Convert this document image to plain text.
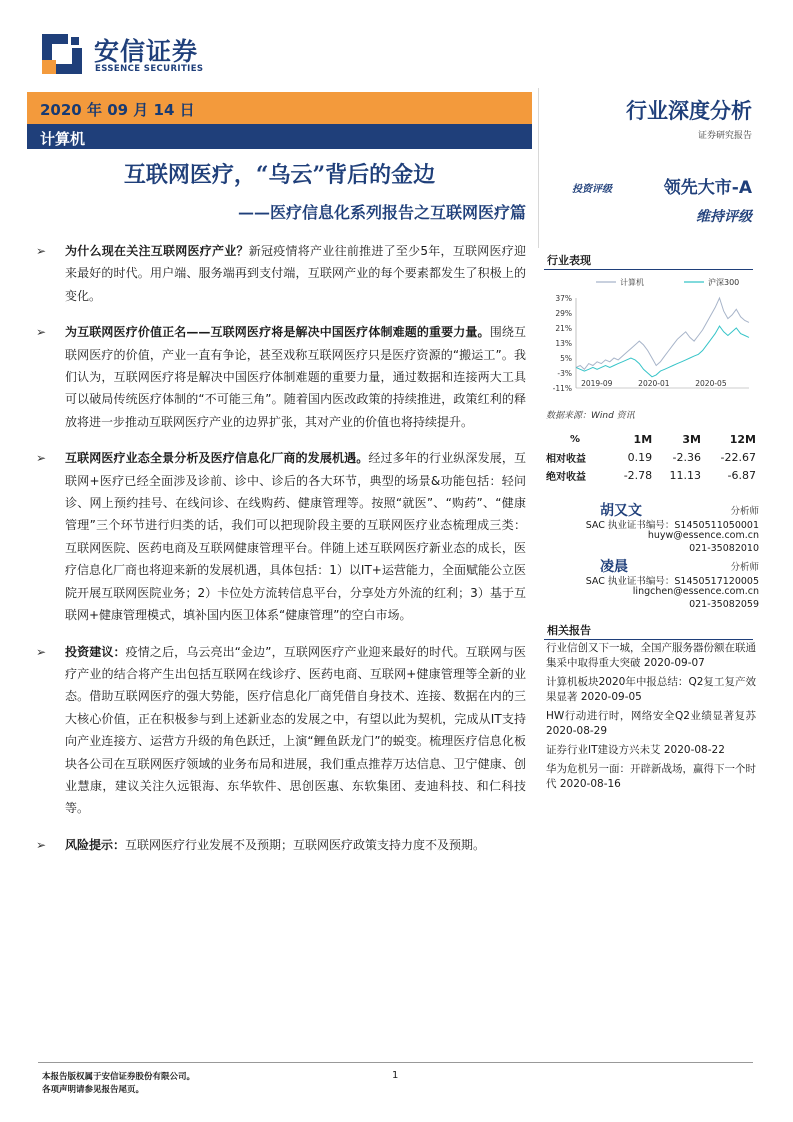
安信证券
ESSENCE SECURITIES
2020 年 09 月 14 日
计算机
行业深度分析
证券研究报告
互联网医疗，“乌云”背后的金边
——医疗信息化系列报告之互联网医疗篇
投资评级	领先大市-A
维持评级
➢ 为什么现在关注互联网医疗产业？新冠疫情将产业往前推进了至少5年，互联网医疗迎来最好的时代。用户端、服务端再到支付端，互联网产业的每个要素都发生了积极上的变化。
➢ 为互联网医疗价值正名——互联网医疗将是解决中国医疗体制难题的重要力量。围绕互联网医疗的价值，产业一直有争论，甚至戏称互联网医疗只是医疗资源的“搬运工”。我们认为，互联网医疗将是解决中国医疗体制难题的重要力量，通过数据和连接两大工具可以破局传统医疗体制的“不可能三角”。随着国内医改政策的持续推进，政策红利的释放将进一步推动互联网医疗产业的边界扩张，其对产业的价值也将持续提升。
➢ 互联网医疗业态全景分析及医疗信息化厂商的发展机遇。经过多年的行业纵深发展，互联网+医疗已经全面涉及诊前、诊中、诊后的各大环节，典型的场景&功能包括：轻问诊、网上预约挂号、在线问诊、在线购药、健康管理等。按照“就医”、“购药”、“健康管理”三个环节进行归类的话，我们可以把现阶段主要的互联网医疗业态梳理成三类：互联网医院、医药电商及互联网健康管理平台。伴随上述互联网医疗新业态的成长，医疗信息化厂商也将迎来新的发展机遇，具体包括：1）以IT+运营能力，全面赋能公立医院开展互联网医院业务；2）卡位处方流转信息平台，分享处方外流的红利；3）基于互联网+健康管理模式，填补国内医卫体系“健康管理”的空白市场。
➢ 投资建议：疫情之后，乌云亮出“金边”，互联网医疗产业迎来最好的时代。互联网与医疗产业的结合将产生出包括互联网在线诊疗、医药电商、互联网+健康管理等全新的业态。借助互联网医疗的强大势能，医疗信息化厂商凭借自身技术、连接、数据在内的三大核心价值，正在积极参与到上述新业态的发展之中，有望以此为契机，完成从IT支持向产业连接方、运营方升级的角色跃迁，上演“鲤鱼跃龙门”的蜕变。梳理医疗信息化板块各公司在互联网医疗领域的业务布局和进展，我们重点推荐万达信息、卫宁健康、创业慧康，建议关注久远银海、东华软件、思创医惠、东软集团、麦迪科技、和仁科技等。
➢ 风险提示：互联网医疗行业发展不及预期；互联网医疗政策支持力度不及预期。
行业表现
37%
29%
21%
13%
5%
-3%
-11%
2019-09	2020-01	2020-05
计算机	沪深300
数据来源：Wind 资讯
%	1M	3M	12M
相对收益	0.19	-2.36	-22.67
绝对收益	-2.78	11.13	-6.87
胡又文	分析师
SAC 执业证书编号：S1450511050001
huyw@essence.com.cn
021-35082010
凌晨	分析师
SAC 执业证书编号：S1450517120005
lingchen@essence.com.cn
021-35082059
相关报告
行业信创又下一城，全国产服务器份额在联通集采中取得重大突破 2020-09-07
计算机板块2020年中报总结：Q2复工复产效果显著 2020-09-05
HW行动进行时，网络安全Q2业绩显著复苏 2020-08-29
证券行业IT建设方兴未艾 2020-08-22
华为危机另一面：开辟新战场，赢得下一个时代 2020-08-16
本报告版权属于安信证券股份有限公司。
各项声明请参见报告尾页。
1
